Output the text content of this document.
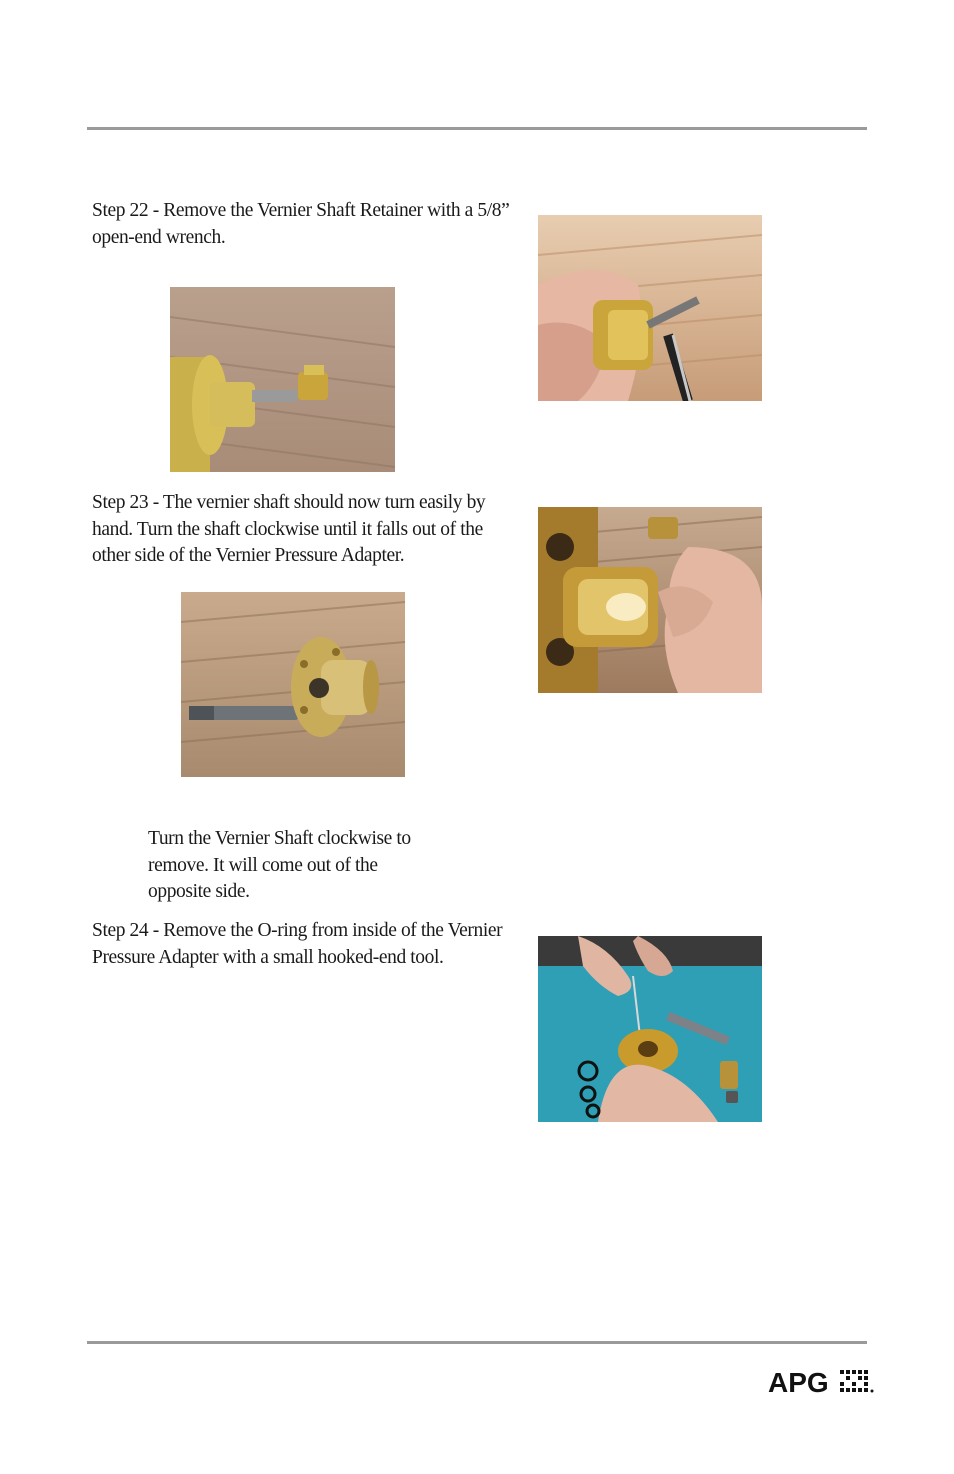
Step 22 - Remove the Vernier Shaft Retainer with a 5/8”
open-end wrench.
Step 23 - The vernier shaft should now turn easily by
hand. Turn the shaft clockwise until it falls out of the
other side of the Vernier Pressure Adapter.
Turn the Vernier Shaft clockwise to
remove. It will come out of the
opposite side.
Step 24 - Remove the O-ring from inside of the Vernier
Pressure Adapter with a small hooked-end tool.
APG
